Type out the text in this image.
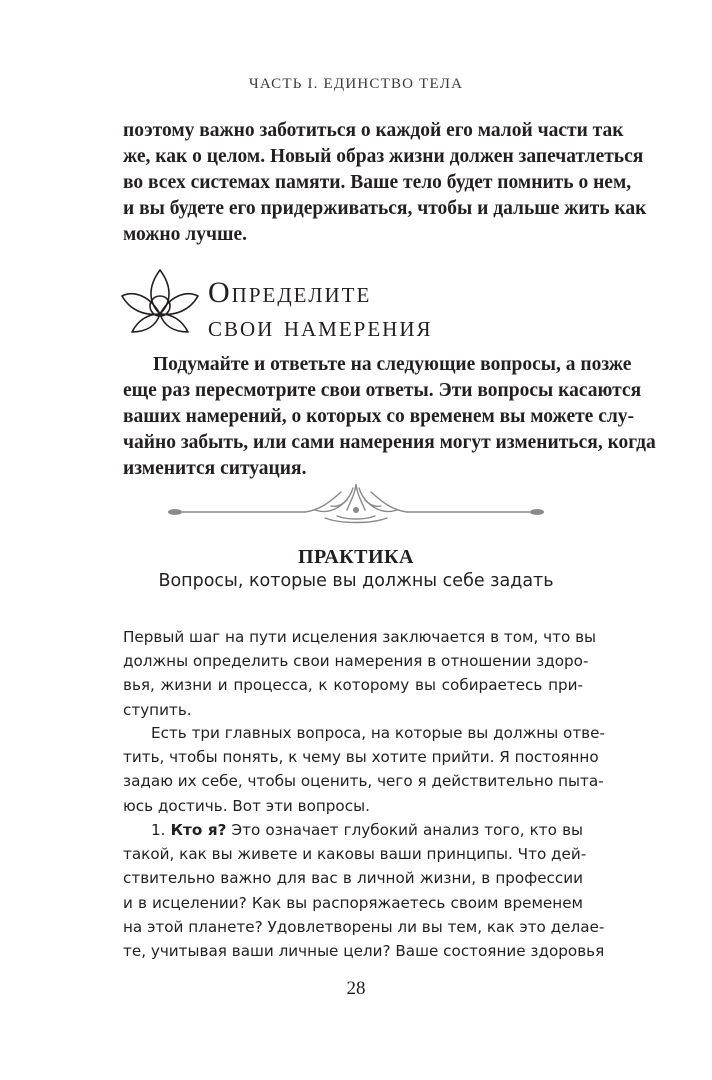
ЧАСТЬ I. ЕДИНСТВО ТЕЛА
поэтому важно заботиться о каждой его малой части так
же, как о целом. Новый образ жизни должен запечатлеться
во всех системах памяти. Ваше тело будет помнить о нем,
и вы будете его придерживаться, чтобы и дальше жить как
можно лучше.
Определите
свои намерения
Подумайте и ответьте на следующие вопросы, а позже
еще раз пересмотрите свои ответы. Эти вопросы касаются
ваших намерений, о которых со временем вы можете слу-
чайно забыть, или сами намерения могут измениться, когда
изменится ситуация.
ПРАКТИКА
Вопросы, которые вы должны себе задать
Первый шаг на пути исцеления заключается в том, что вы
должны определить свои намерения в отношении здоро-
вья, жизни и процесса, к которому вы собираетесь при-
ступить.
Есть три главных вопроса, на которые вы должны отве-
тить, чтобы понять, к чему вы хотите прийти. Я постоянно
задаю их себе, чтобы оценить, чего я действительно пыта-
юсь достичь. Вот эти вопросы.
1. Кто я? Это означает глубокий анализ того, кто вы
такой, как вы живете и каковы ваши принципы. Что дей-
ствительно важно для вас в личной жизни, в профессии
и в исцелении? Как вы распоряжаетесь своим временем
на этой планете? Удовлетворены ли вы тем, как это делае-
те, учитывая ваши личные цели? Ваше состояние здоровья
28
